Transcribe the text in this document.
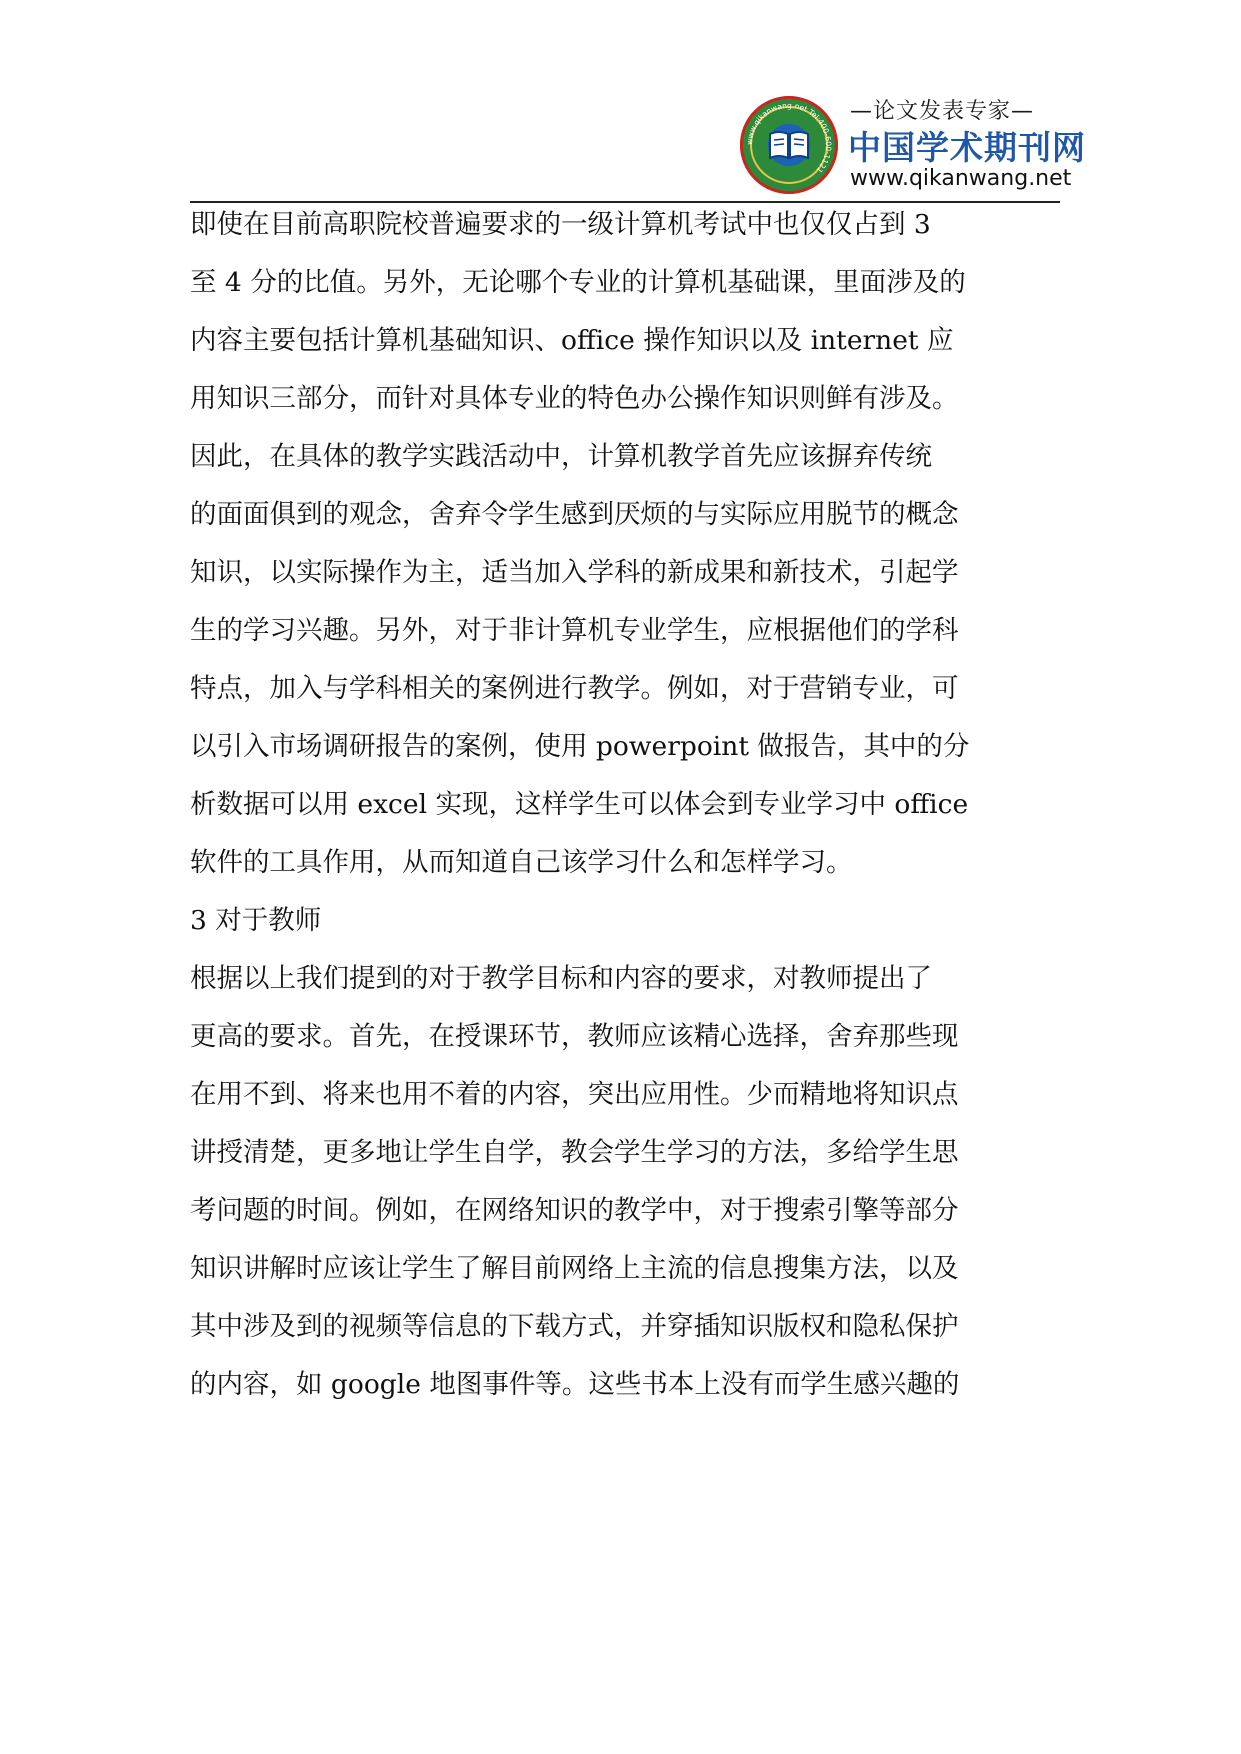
www.qikanwang.net Tel:400-600-1121
—论文发表专家—
中国学术期刊网
www.qikanwang.net
即使在目前高职院校普遍要求的一级计算机考试中也仅仅占到 3
至 4 分的比值。另外，无论哪个专业的计算机基础课，里面涉及的
内容主要包括计算机基础知识、office 操作知识以及 internet 应
用知识三部分，而针对具体专业的特色办公操作知识则鲜有涉及。
因此，在具体的教学实践活动中，计算机教学首先应该摒弃传统
的面面俱到的观念，舍弃令学生感到厌烦的与实际应用脱节的概念
知识，以实际操作为主，适当加入学科的新成果和新技术，引起学
生的学习兴趣。另外，对于非计算机专业学生，应根据他们的学科
特点，加入与学科相关的案例进行教学。例如，对于营销专业，可
以引入市场调研报告的案例，使用 powerpoint 做报告，其中的分
析数据可以用 excel 实现，这样学生可以体会到专业学习中 office
软件的工具作用，从而知道自己该学习什么和怎样学习。
3 对于教师
根据以上我们提到的对于教学目标和内容的要求，对教师提出了
更高的要求。首先，在授课环节，教师应该精心选择，舍弃那些现
在用不到、将来也用不着的内容，突出应用性。少而精地将知识点
讲授清楚，更多地让学生自学，教会学生学习的方法，多给学生思
考问题的时间。例如，在网络知识的教学中，对于搜索引擎等部分
知识讲解时应该让学生了解目前网络上主流的信息搜集方法，以及
其中涉及到的视频等信息的下载方式，并穿插知识版权和隐私保护
的内容，如 google 地图事件等。这些书本上没有而学生感兴趣的
